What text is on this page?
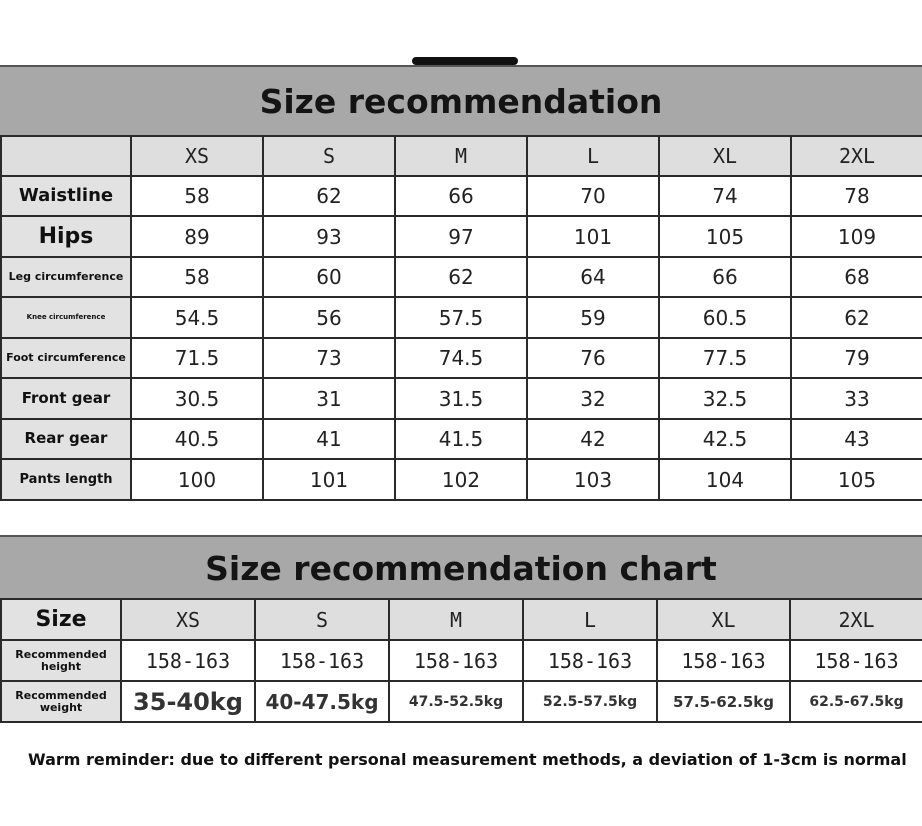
Size recommendation
	XS	S	M	L	XL	2XL
Waistline	58	62	66	70	74	78
Hips	89	93	97	101	105	109
Leg circumference	58	60	62	64	66	68
Knee circumference	54.5	56	57.5	59	60.5	62
Foot circumference	71.5	73	74.5	76	77.5	79
Front gear	30.5	31	31.5	32	32.5	33
Rear gear	40.5	41	41.5	42	42.5	43
Pants length	100	101	102	103	104	105
Size recommendation chart
Size	XS	S	M	L	XL	2XL
Recommended height	158-163	158-163	158-163	158-163	158-163	158-163
Recommended weight	35-40kg	40-47.5kg	47.5-52.5kg	52.5-57.5kg	57.5-62.5kg	62.5-67.5kg
Warm reminder: due to different personal measurement methods, a deviation of 1-3cm is normal
